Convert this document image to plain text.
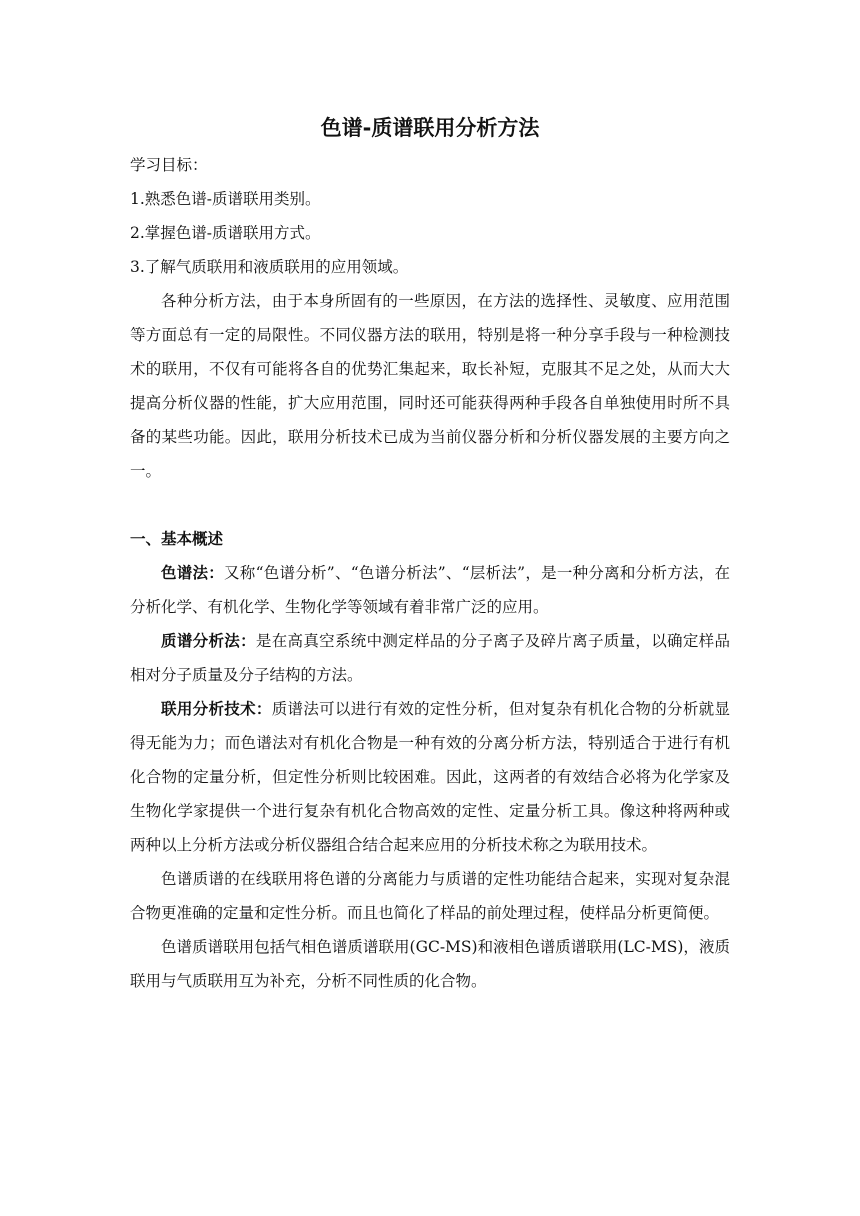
色谱-质谱联用分析方法

学习目标：

1.熟悉色谱-质谱联用类别。

2.掌握色谱-质谱联用方式。

3.了解气质联用和液质联用的应用领域。

各种分析方法，由于本身所固有的一些原因，在方法的选择性、灵敏度、应用范围等方面总有一定的局限性。不同仪器方法的联用，特别是将一种分享手段与一种检测技术的联用，不仅有可能将各自的优势汇集起来，取长补短，克服其不足之处，从而大大提高分析仪器的性能，扩大应用范围，同时还可能获得两种手段各自单独使用时所不具备的某些功能。因此，联用分析技术已成为当前仪器分析和分析仪器发展的主要方向之一。

一、基本概述

色谱法：又称“色谱分析”、“色谱分析法”、“层析法”，是一种分离和分析方法，在分析化学、有机化学、生物化学等领域有着非常广泛的应用。

质谱分析法：是在高真空系统中测定样品的分子离子及碎片离子质量，以确定样品相对分子质量及分子结构的方法。

联用分析技术：质谱法可以进行有效的定性分析，但对复杂有机化合物的分析就显得无能为力；而色谱法对有机化合物是一种有效的分离分析方法，特别适合于进行有机化合物的定量分析，但定性分析则比较困难。因此，这两者的有效结合必将为化学家及生物化学家提供一个进行复杂有机化合物高效的定性、定量分析工具。像这种将两种或两种以上分析方法或分析仪器组合结合起来应用的分析技术称之为联用技术。

色谱质谱的在线联用将色谱的分离能力与质谱的定性功能结合起来，实现对复杂混合物更准确的定量和定性分析。而且也简化了样品的前处理过程，使样品分析更简便。

色谱质谱联用包括气相色谱质谱联用(GC-MS)和液相色谱质谱联用(LC-MS)，液质联用与气质联用互为补充，分析不同性质的化合物。
